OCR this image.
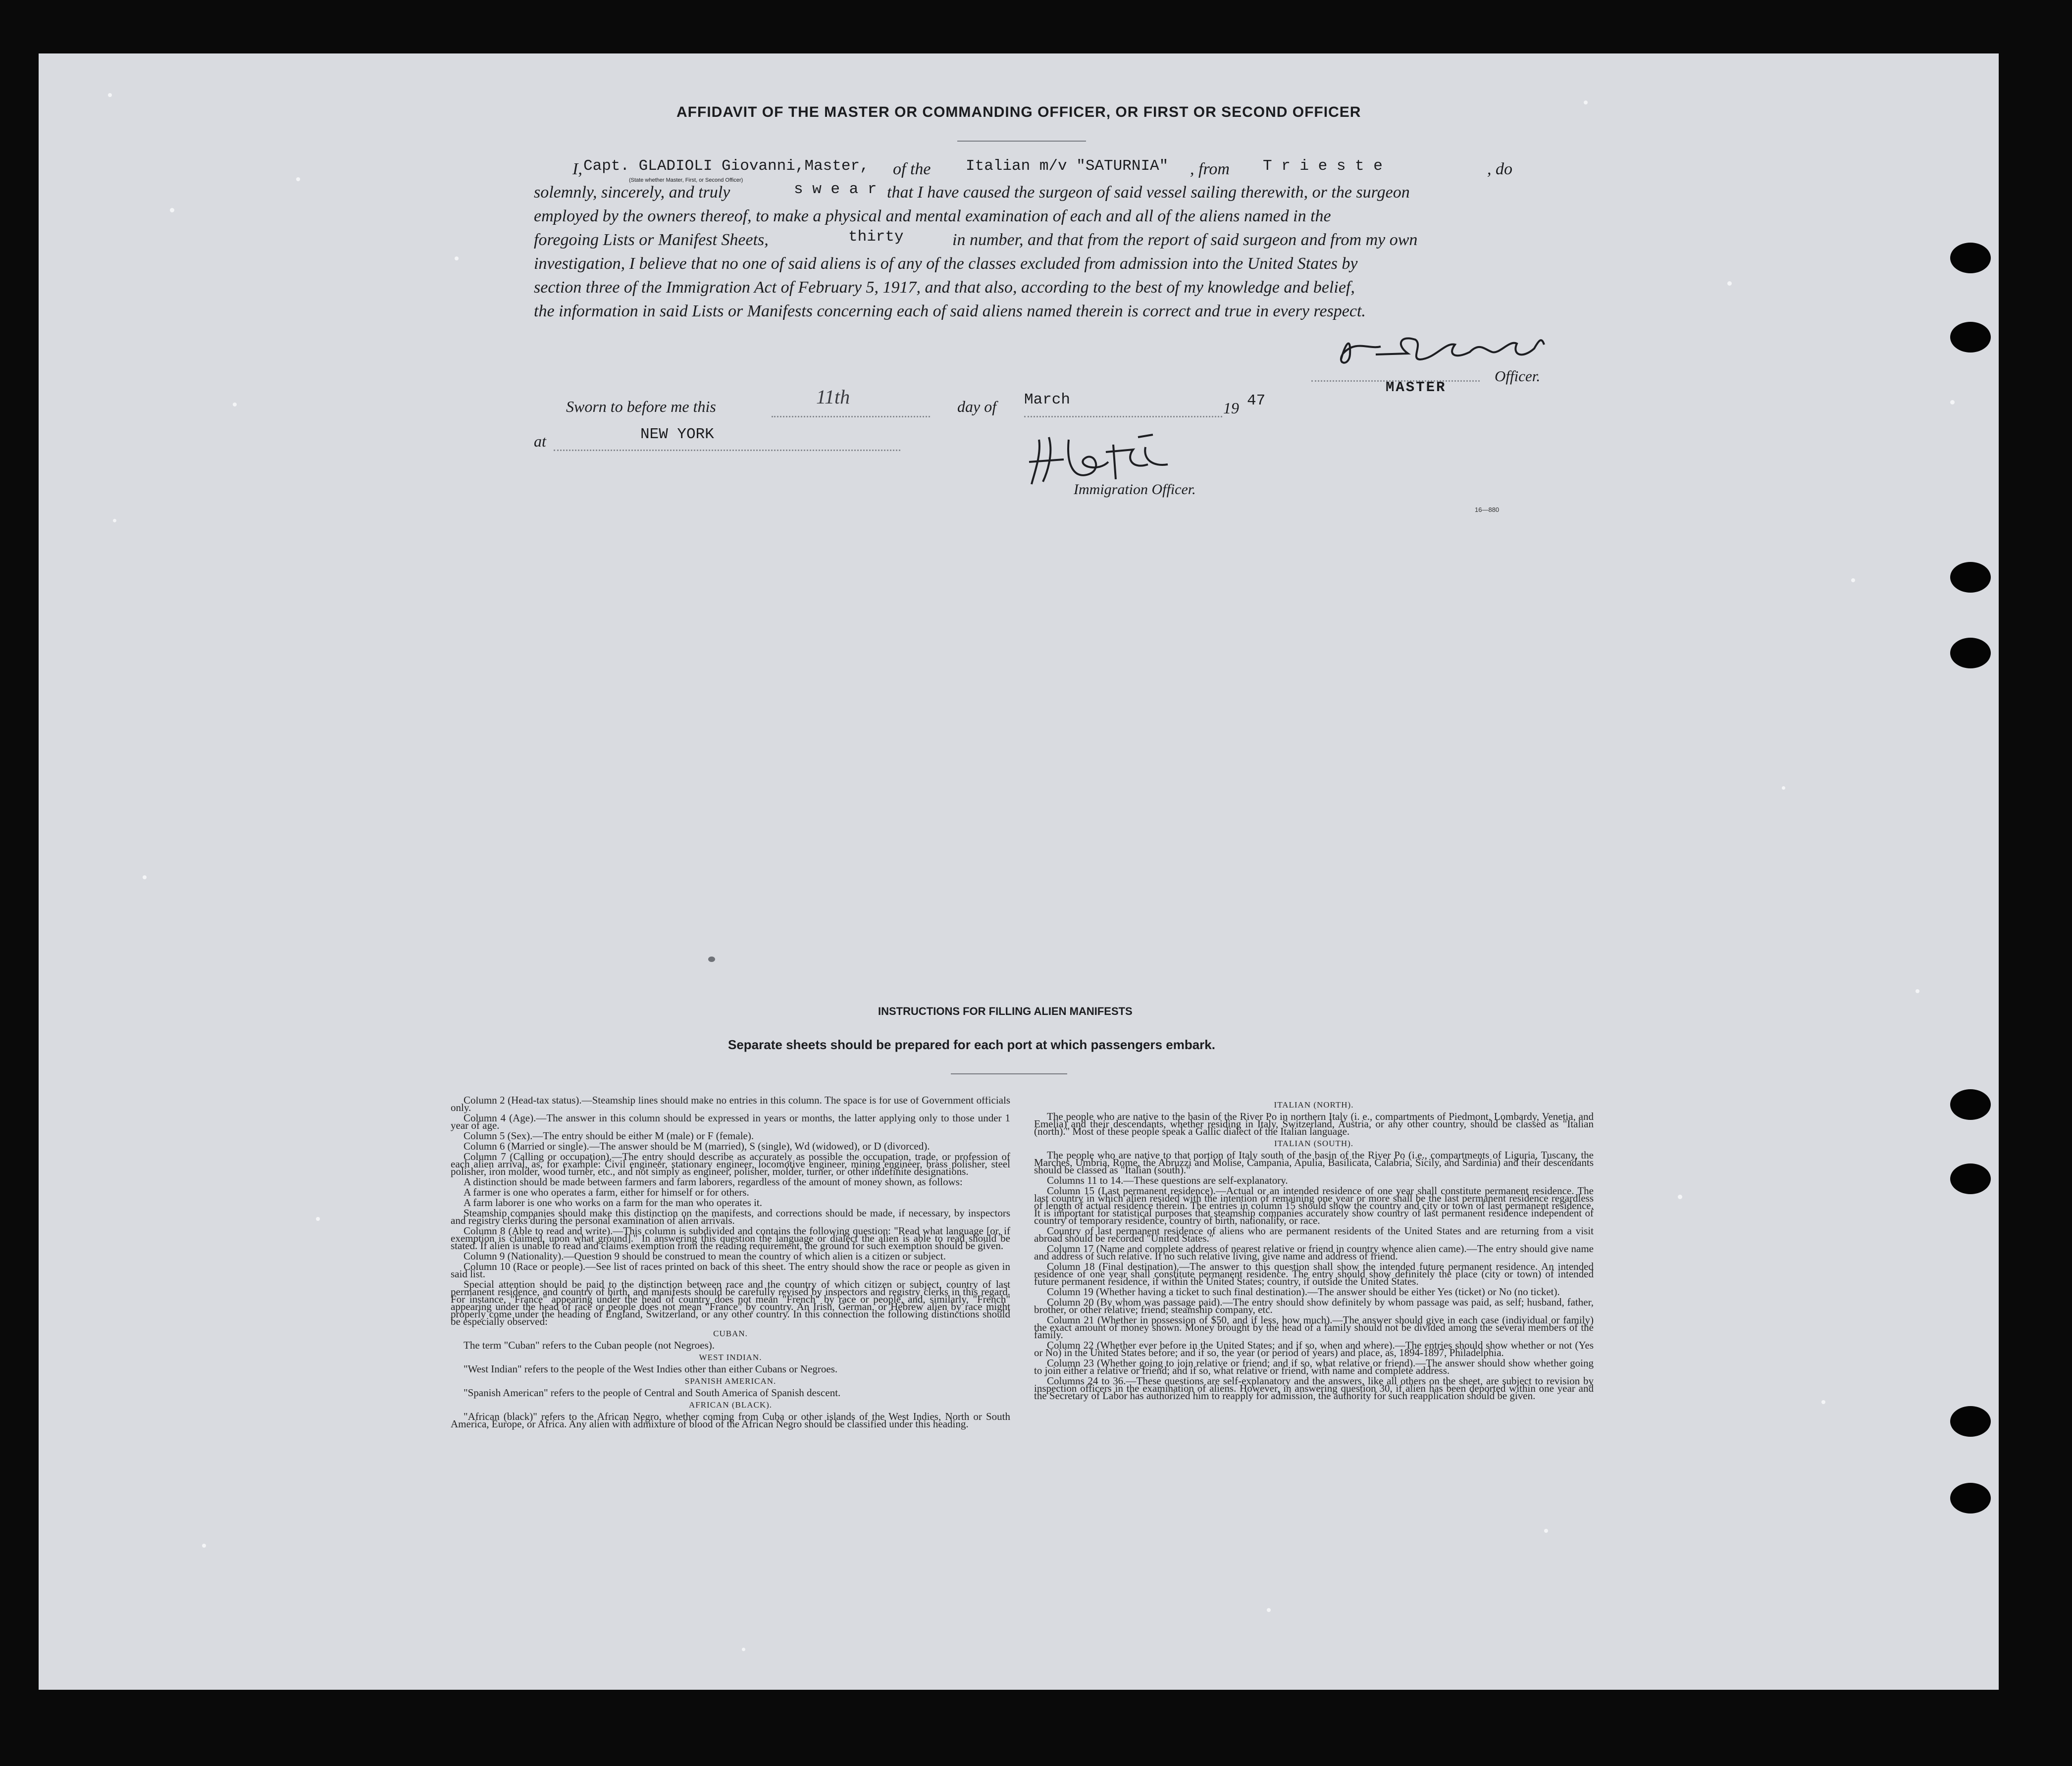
AFFIDAVIT OF THE MASTER OR COMMANDING OFFICER, OR FIRST OR SECOND OFFICER
I, Capt. GLADIOLI Giovanni,Master,
(State whether Master, First, or Second Officer)
of the Italian m/v "SATURNIA" , from T r i e s t e	, do
solemnly, sincerely, and truly	s w e a r that I have caused the surgeon of said vessel sailing therewith, or the surgeon
employed by the owners thereof, to make a physical and mental examination of each and all of the aliens named in the
foregoing Lists or Manifest Sheets,	thirty	in number, and that from the report of said surgeon and from my own
investigation, I believe that no one of said aliens is of any of the classes excluded from admission into the United States by
section three of the Immigration Act of February 5, 1917, and that also, according to the best of my knowledge and belief,
the information in said Lists or Manifests concerning each of said aliens named therein is correct and true in every respect.
Officer.
MASTER
Sworn to before me this	11th	day of March	19 47
at	NEW YORK
Immigration Officer.
16—880
INSTRUCTIONS FOR FILLING ALIEN MANIFESTS
Separate sheets should be prepared for each port at which passengers embark.

Column 2 (Head-tax status).—Steamship lines should make no entries in this column. The space is for use of Government officials only.

Column 4 (Age).—The answer in this column should be expressed in years or months, the latter applying only to those under 1 year of age.

Column 5 (Sex).—The entry should be either M (male) or F (female).

Column 6 (Married or single).—The answer should be M (married), S (single), Wd (widowed), or D (divorced).

Column 7 (Calling or occupation).—The entry should describe as accurately as possible the occupation, trade, or profession of each alien arrival, as, for example: Civil engineer, stationary engineer, locomotive engineer, mining engineer, brass polisher, steel polisher, iron molder, wood turner, etc., and not simply as engineer, polisher, molder, turner, or other indefinite designations.

A distinction should be made between farmers and farm laborers, regardless of the amount of money shown, as follows:

A farmer is one who operates a farm, either for himself or for others.

A farm laborer is one who works on a farm for the man who operates it.

Steamship companies should make this distinction on the manifests, and corrections should be made, if necessary, by inspectors and registry clerks during the personal examination of alien arrivals.

Column 8 (Able to read and write).—This column is subdivided and contains the following question: "Read what language [or, if exemption is claimed, upon what ground]." In answering this question the language or dialect the alien is able to read should be stated. If alien is unable to read and claims exemption from the reading requirement, the ground for such exemption should be given.

Column 9 (Nationality).—Question 9 should be construed to mean the country of which alien is a citizen or subject.

Column 10 (Race or people).—See list of races printed on back of this sheet. The entry should show the race or people as given in said list.

Special attention should be paid to the distinction between race and the country of which citizen or subject, country of last permanent residence, and country of birth, and manifests should be carefully revised by inspectors and registry clerks in this regard. For instance, "France" appearing under the head of country does not mean "French" by race or people, and, similarly, "French" appearing under the head of race or people does not mean "France" by country. An Irish, German, or Hebrew alien by race might properly come under the heading of England, Switzerland, or any other country. In this connection the following distinctions should be especially observed:

CUBAN.

The term "Cuban" refers to the Cuban people (not Negroes).

WEST INDIAN.

"West Indian" refers to the people of the West Indies other than either Cubans or Negroes.

SPANISH AMERICAN.

"Spanish American" refers to the people of Central and South America of Spanish descent.

AFRICAN (BLACK).

"African (black)" refers to the African Negro, whether coming from Cuba or other islands of the West Indies, North or South America, Europe, or Africa. Any alien with admixture of blood of the African Negro should be classified under this heading.

ITALIAN (NORTH).

The people who are native to the basin of the River Po in northern Italy (i. e., compartments of Piedmont, Lombardy, Venetia, and Emelia) and their descendants, whether residing in Italy, Switzerland, Austria, or any other country, should be classed as "Italian (north)." Most of these people speak a Gallic dialect of the Italian language.

ITALIAN (SOUTH).

The people who are native to that portion of Italy south of the basin of the River Po (i.e., compartments of Liguria, Tuscany, the Marches, Umbria, Rome, the Abruzzi and Molise, Campania, Apulia, Basilicata, Calabria, Sicily, and Sardinia) and their descendants should be classed as "Italian (south)."

Columns 11 to 14.—These questions are self-explanatory.

Column 15 (Last permanent residence).—Actual or an intended residence of one year shall constitute permanent residence. The last country in which alien resided with the intention of remaining one year or more shall be the last permanent residence regardless of length of actual residence therein. The entries in column 15 should show the country and city or town of last permanent residence. It is important for statistical purposes that steamship companies accurately show country of last permanent residence independent of country of temporary residence, country of birth, nationality, or race.

Country of last permanent residence of aliens who are permanent residents of the United States and are returning from a visit abroad should be recorded "United States."

Column 17 (Name and complete address of nearest relative or friend in country whence alien came).—The entry should give name and address of such relative. If no such relative living, give name and address of friend.

Column 18 (Final destination).—The answer to this question shall show the intended future permanent residence. An intended residence of one year shall constitute permanent residence. The entry should show definitely the place (city or town) of intended future permanent residence, if within the United States; country, if outside the United States.

Column 19 (Whether having a ticket to such final destination).—The answer should be either Yes (ticket) or No (no ticket).

Column 20 (By whom was passage paid).—The entry should show definitely by whom passage was paid, as self; husband, father, brother, or other relative; friend; steamship company, etc.

Column 21 (Whether in possession of $50, and if less, how much).—The answer should give in each case (individual or family) the exact amount of money shown. Money brought by the head of a family should not be divided among the several members of the family.

Column 22 (Whether ever before in the United States; and if so, when and where).—The entries should show whether or not (Yes or No) in the United States before; and if so, the year (or period of years) and place, as, 1894-1897, Philadelphia.

Column 23 (Whether going to join relative or friend; and if so, what relative or friend).—The answer should show whether going to join either a relative or friend; and if so, what relative or friend, with name and complete address.

Columns 24 to 36.—These questions are self-explanatory and the answers, like all others on the sheet, are subject to revision by inspection officers in the examination of aliens. However, in answering question 30, if alien has been deported within one year and the Secretary of Labor has authorized him to reapply for admission, the authority for such reapplication should be given.
